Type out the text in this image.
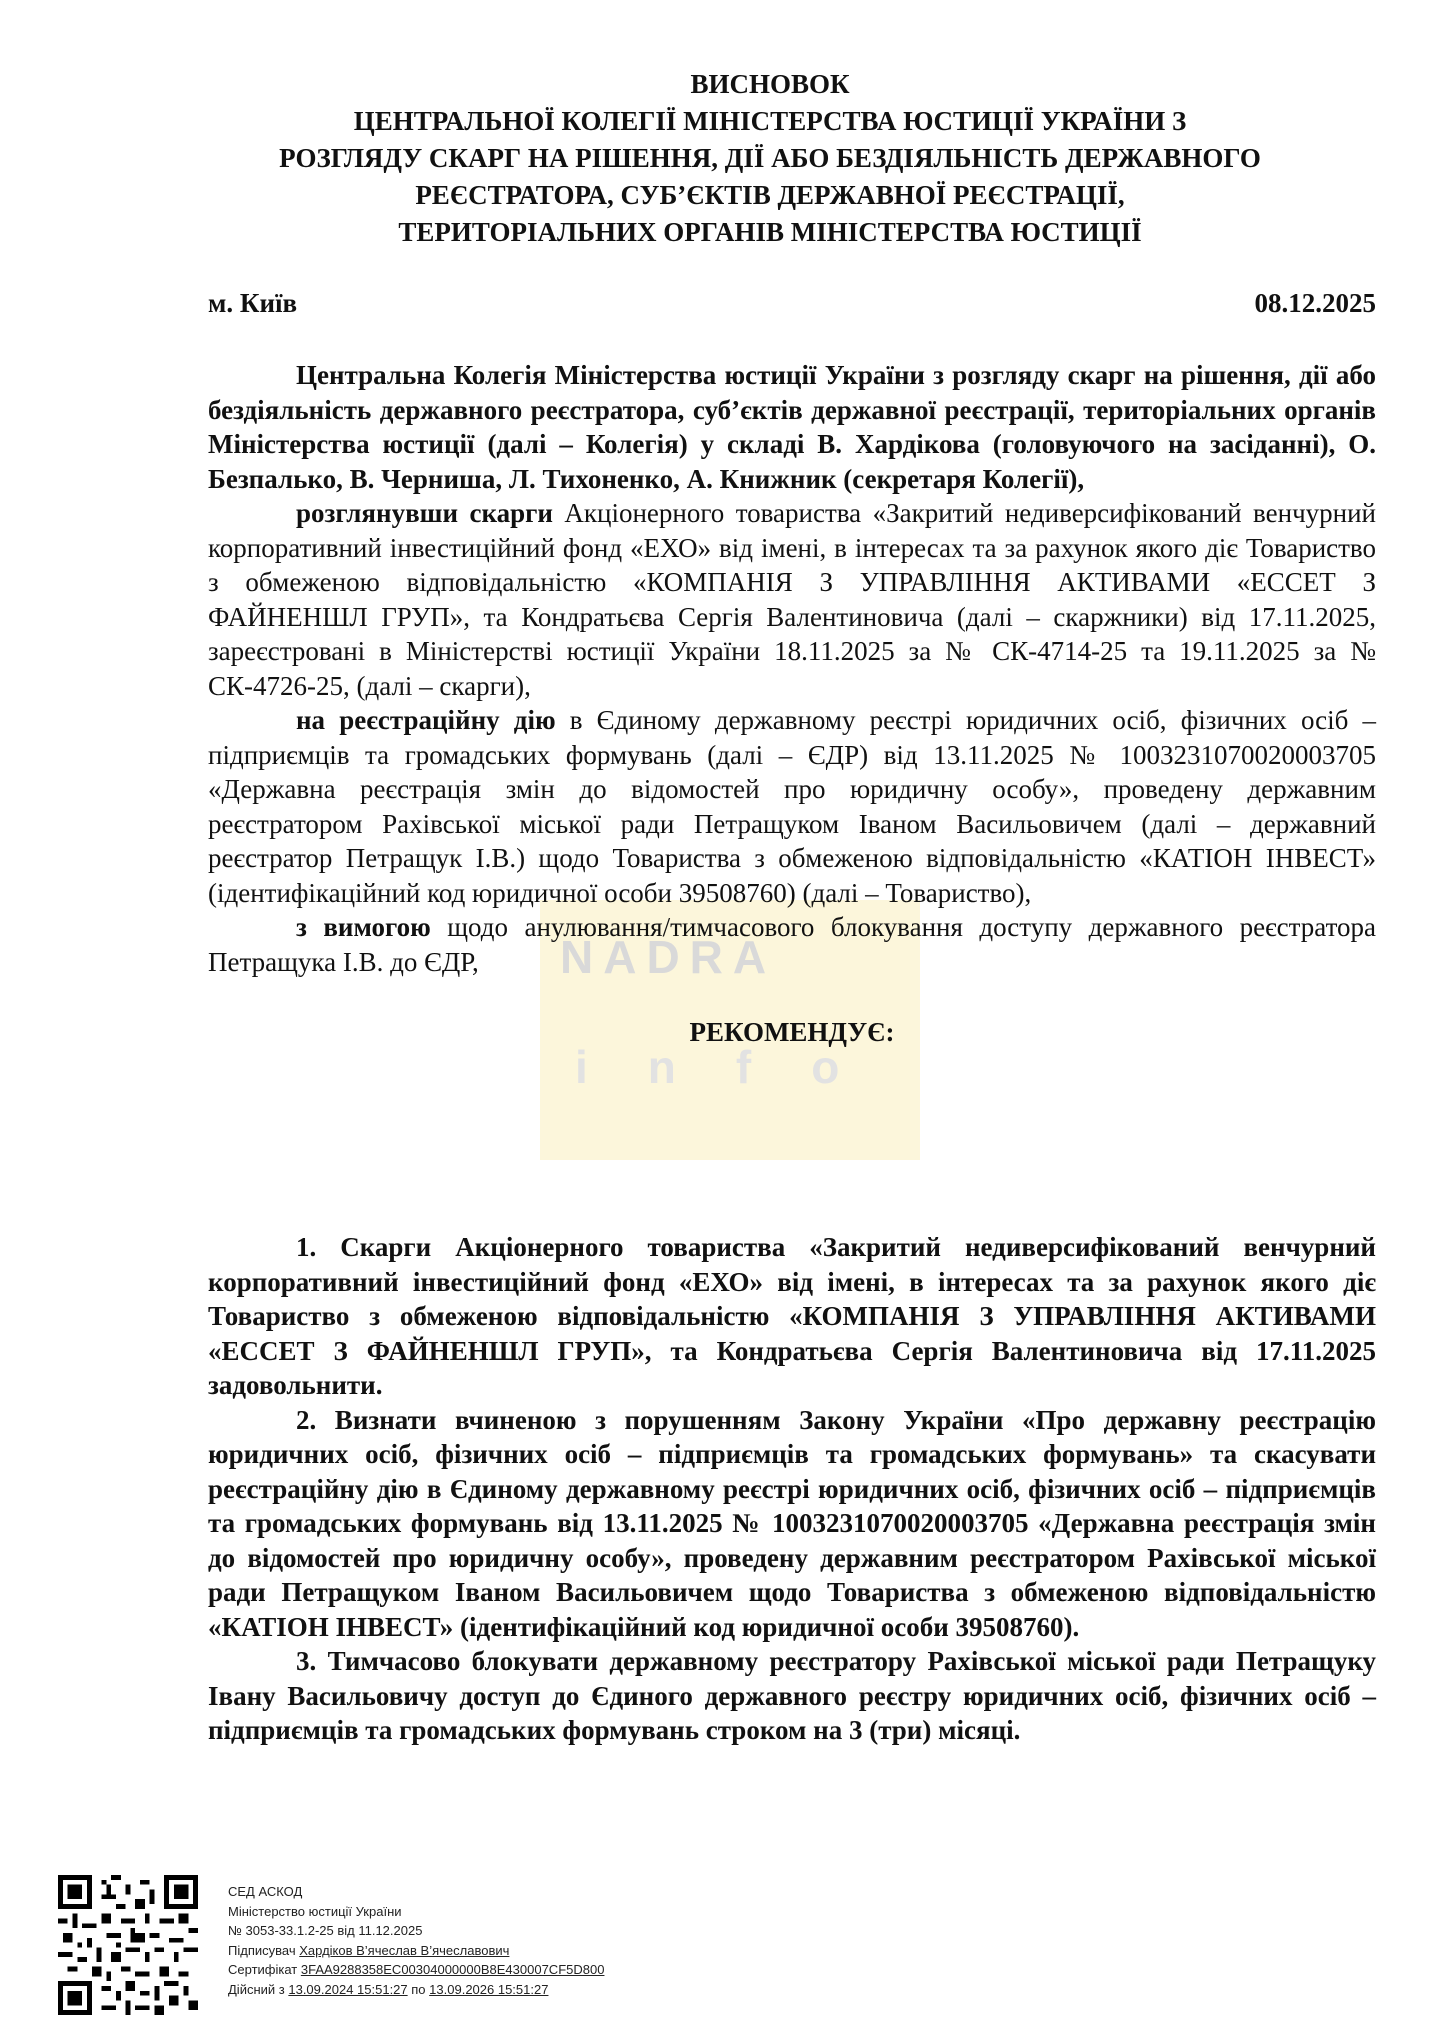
NADRA
info
ВИСНОВОК
ЦЕНТРАЛЬНОЇ КОЛЕГІЇ МІНІСТЕРСТВА ЮСТИЦІЇ УКРАЇНИ З
РОЗГЛЯДУ СКАРГ НА РІШЕННЯ, ДІЇ АБО БЕЗДІЯЛЬНІСТЬ ДЕРЖАВНОГО
РЕЄСТРАТОРА, СУБ’ЄКТІВ ДЕРЖАВНОЇ РЕЄСТРАЦІЇ,
ТЕРИТОРІАЛЬНИХ ОРГАНІВ МІНІСТЕРСТВА ЮСТИЦІЇ
м. Київ	08.12.2025

Центральна Колегія Міністерства юстиції України з розгляду скарг на рішення, дії або бездіяльність державного реєстратора, суб’єктів державної реєстрації, територіальних органів Міністерства юстиції (далі – Колегія) у складі В. Хардікова (головуючого на засіданні), О. Безпалько, В. Черниша, Л. Тихоненко, А. Книжник (секретаря Колегії),

розглянувши скарги Акціонерного товариства «Закритий недиверсифікований венчурний корпоративний інвестиційний фонд «ЕХО» від імені, в інтересах та за рахунок якого діє Товариство з обмеженою відповідальністю «КОМПАНІЯ З УПРАВЛІННЯ АКТИВАМИ «ЕССЕТ З ФАЙНЕНШЛ ГРУП», та Кондратьєва Сергія Валентиновича (далі – скаржники) від 17.11.2025, зареєстровані в Міністерстві юстиції України 18.11.2025 за № СК-4714-25 та 19.11.2025 за № СК-4726-25, (далі – скарги),

на реєстраційну дію в Єдиному державному реєстрі юридичних осіб, фізичних осіб – підприємців та громадських формувань (далі – ЄДР) від 13.11.2025 № 1003231070020003705 «Державна реєстрація змін до відомостей про юридичну особу», проведену державним реєстратором Рахівської міської ради Петращуком Іваном Васильовичем (далі – державний реєстратор Петращук І.В.) щодо Товариства з обмеженою відповідальністю «КАТІОН ІНВЕСТ» (ідентифікаційний код юридичної особи 39508760) (далі – Товариство),

з вимогою щодо анулювання/тимчасового блокування доступу державного реєстратора Петращука І.В. до ЄДР,

РЕКОМЕНДУЄ:

1. Скарги Акціонерного товариства «Закритий недиверсифікований венчурний корпоративний інвестиційний фонд «ЕХО» від імені, в інтересах та за рахунок якого діє Товариство з обмеженою відповідальністю «КОМПАНІЯ З УПРАВЛІННЯ АКТИВАМИ «ЕССЕТ З ФАЙНЕНШЛ ГРУП», та Кондратьєва Сергія Валентиновича від 17.11.2025 задовольнити.

2. Визнати вчиненою з порушенням Закону України «Про державну реєстрацію юридичних осіб, фізичних осіб – підприємців та громадських формувань» та скасувати реєстраційну дію в Єдиному державному реєстрі юридичних осіб, фізичних осіб – підприємців та громадських формувань від 13.11.2025 № 1003231070020003705 «Державна реєстрація змін до відомостей про юридичну особу», проведену державним реєстратором Рахівської міської ради Петращуком Іваном Васильовичем щодо Товариства з обмеженою відповідальністю «КАТІОН ІНВЕСТ» (ідентифікаційний код юридичної особи 39508760).

3. Тимчасово блокувати державному реєстратору Рахівської міської ради Петращуку Івану Васильовичу доступ до Єдиного державного реєстру юридичних осіб, фізичних осіб – підприємців та громадських формувань строком на 3 (три) місяці.

СЕД АСКОД
Міністерство юстиції України
№ 3053-33.1.2-25 від 11.12.2025
Підписувач Хардіков В’ячеслав В’ячеславович
Сертифікат 3FAA9288358EC00304000000B8E430007CF5D800
Дійсний з 13.09.2024 15:51:27 по 13.09.2026 15:51:27
